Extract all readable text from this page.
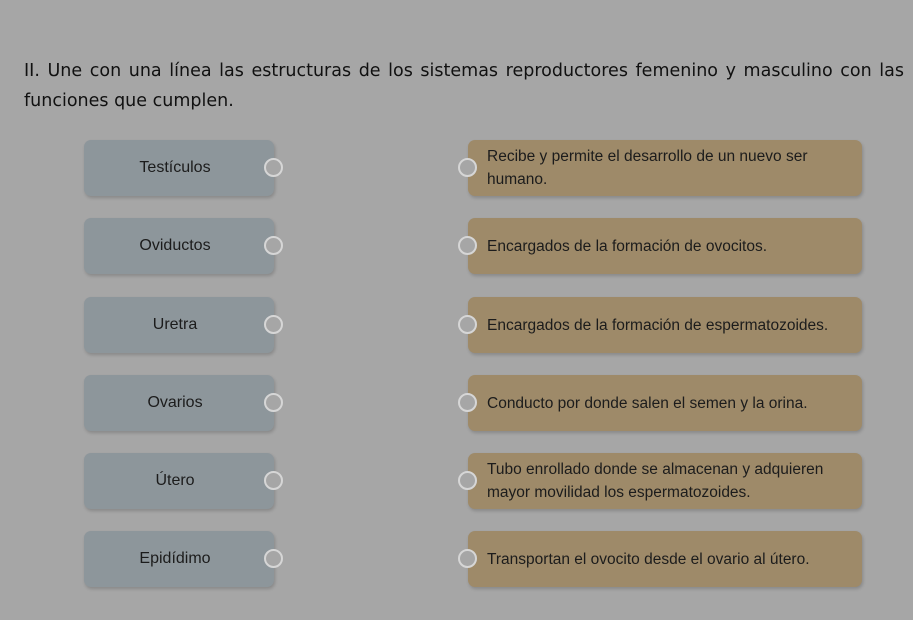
II. Une con una línea las estructuras de los sistemas reproductores femenino y masculino con las funciones que cumplen.
Testículos
Recibe y permite el desarrollo de un nuevo ser humano.
Oviductos	Encargados de la formación de ovocitos.
Uretra	Encargados de la formación de espermatozoides.
Ovarios	Conducto por donde salen el semen y la orina.
Útero
Tubo enrollado donde se almacenan y adquieren mayor movilidad los espermatozoides.
Epidídimo	Transportan el ovocito desde el ovario al útero.
